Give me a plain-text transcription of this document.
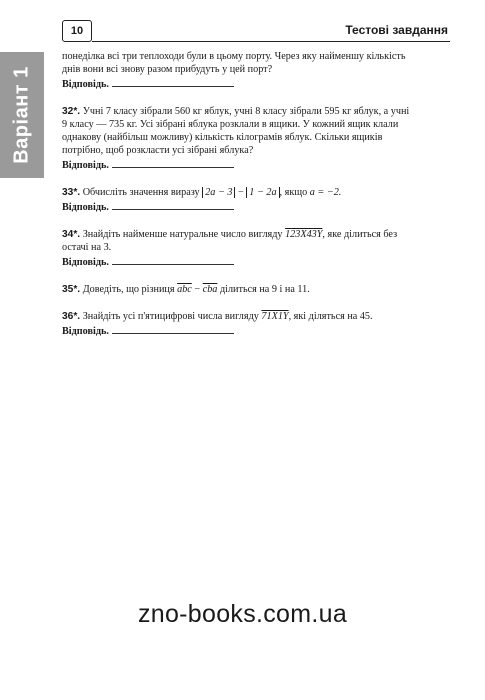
10	Тестові завдання
Варіант 1

понеділка всі три теплоходи були в цьому порту. Через яку найменшу кількість
днів вони всі знову разом прибудуть у цей порт?

Відповідь.

32*. Учні 7 класу зібрали 560 кг яблук, учні 8 класу зібрали 595 кг яблук, а учні
9 класу — 735 кг. Усі зібрані яблука розклали в ящики. У кожний ящик клали
однакову (найбільш можливу) кількість кілограмів яблук. Скільки ящиків
потрібно, щоб розкласти усі зібрані яблука?

Відповідь.

33*. Обчисліть значення виразу 2a − 3 − 1 − 2a , якщо a = −2.

Відповідь.

34*. Знайдіть найменше натуральне число вигляду 123X43Y, яке ділиться без
остачі на 3.

Відповідь.

35*. Доведіть, що різниця $\overline{abc} - \overline{cba}$ ділиться на 9 і на 11.

36*. Знайдіть усі п'ятицифрові числа вигляду 71X1Y, які діляться на 45.

Відповідь.
zno-books.com.ua
